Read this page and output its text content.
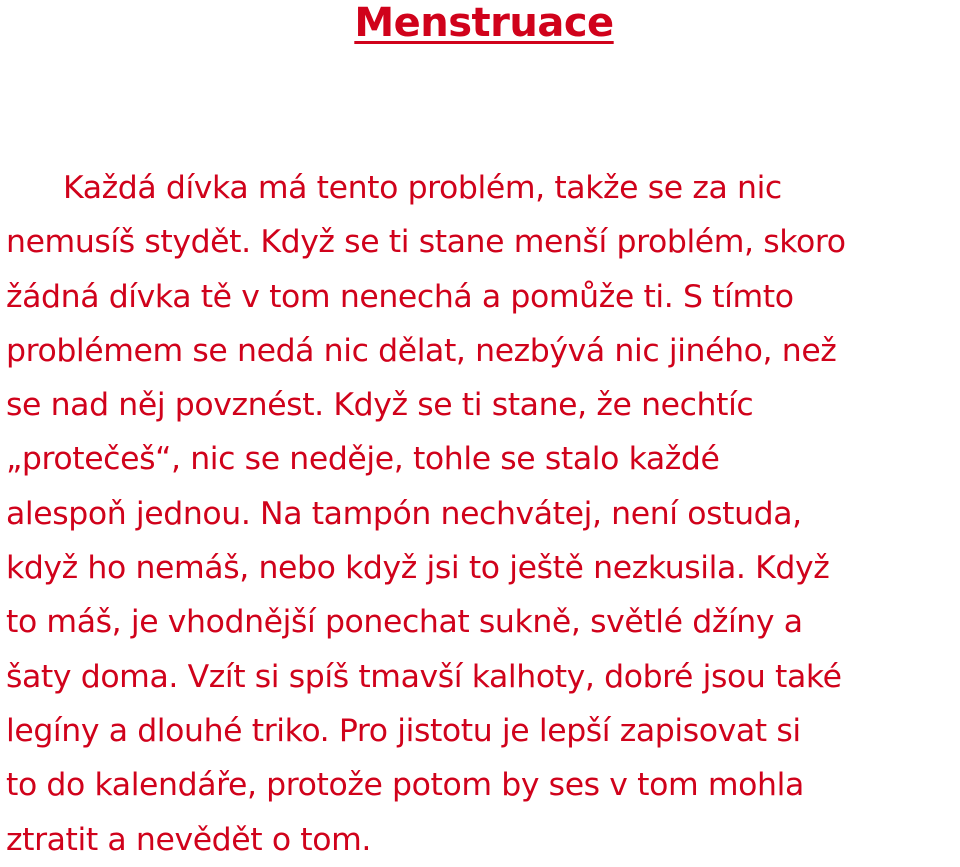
Menstruace
Každá dívka má tento problém, takže se za nic
nemusíš stydět. Když se ti stane menší problém, skoro
žádná dívka tě v tom nenechá a pomůže ti. S tímto
problémem se nedá nic dělat, nezbývá nic jiného, než
se nad něj povznést. Když se ti stane, že nechtíc
„protečeš“, nic se neděje, tohle se stalo každé
alespoň jednou. Na tampón nechvátej, není ostuda,
když ho nemáš, nebo když jsi to ještě nezkusila. Když
to máš, je vhodnější ponechat sukně, světlé džíny a
šaty doma. Vzít si spíš tmavší kalhoty, dobré jsou také
legíny a dlouhé triko. Pro jistotu je lepší zapisovat si
to do kalendáře, protože potom by ses v tom mohla
ztratit a nevědět o tom.
